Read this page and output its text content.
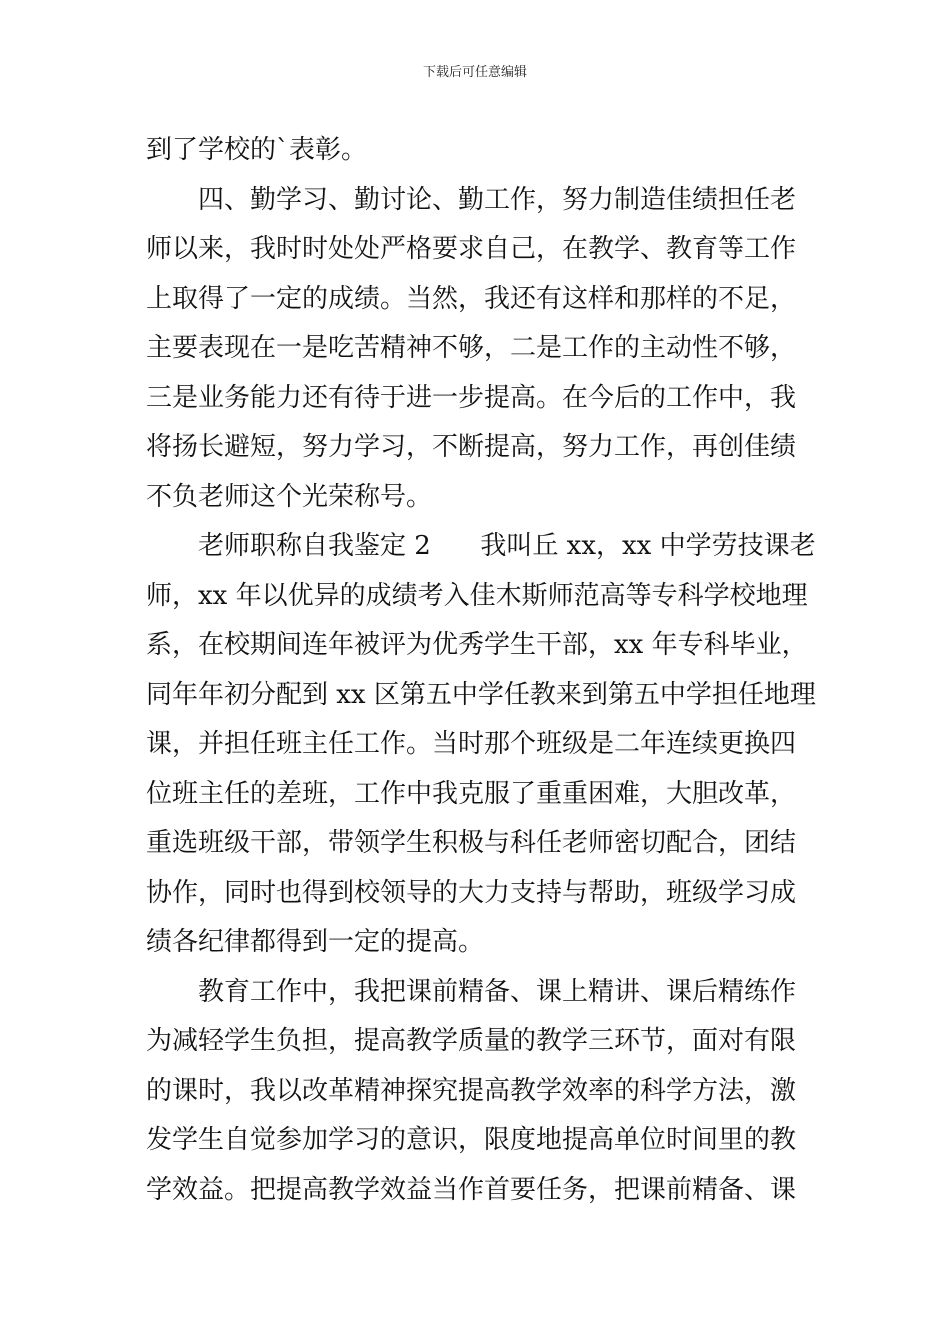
下载后可任意编辑
到了学校的`表彰。
四、勤学习、勤讨论、勤工作，努力制造佳绩担任老
师以来，我时时处处严格要求自己，在教学、教育等工作
上取得了一定的成绩。当然，我还有这样和那样的不足，
主要表现在一是吃苦精神不够，二是工作的主动性不够，
三是业务能力还有待于进一步提高。在今后的工作中，我
将扬长避短，努力学习，不断提高，努力工作，再创佳绩
不负老师这个光荣称号。
老师职称自我鉴定 2      我叫丘 xx，xx 中学劳技课老
师，xx 年以优异的成绩考入佳木斯师范高等专科学校地理
系，在校期间连年被评为优秀学生干部，xx 年专科毕业，
同年年初分配到 xx 区第五中学任教来到第五中学担任地理
课，并担任班主任工作。当时那个班级是二年连续更换四
位班主任的差班，工作中我克服了重重困难，大胆改革，
重选班级干部，带领学生积极与科任老师密切配合，团结
协作，同时也得到校领导的大力支持与帮助，班级学习成
绩各纪律都得到一定的提高。
教育工作中，我把课前精备、课上精讲、课后精练作
为减轻学生负担，提高教学质量的教学三环节，面对有限
的课时，我以改革精神探究提高教学效率的科学方法，激
发学生自觉参加学习的意识，限度地提高单位时间里的教
学效益。把提高教学效益当作首要任务，把课前精备、课
